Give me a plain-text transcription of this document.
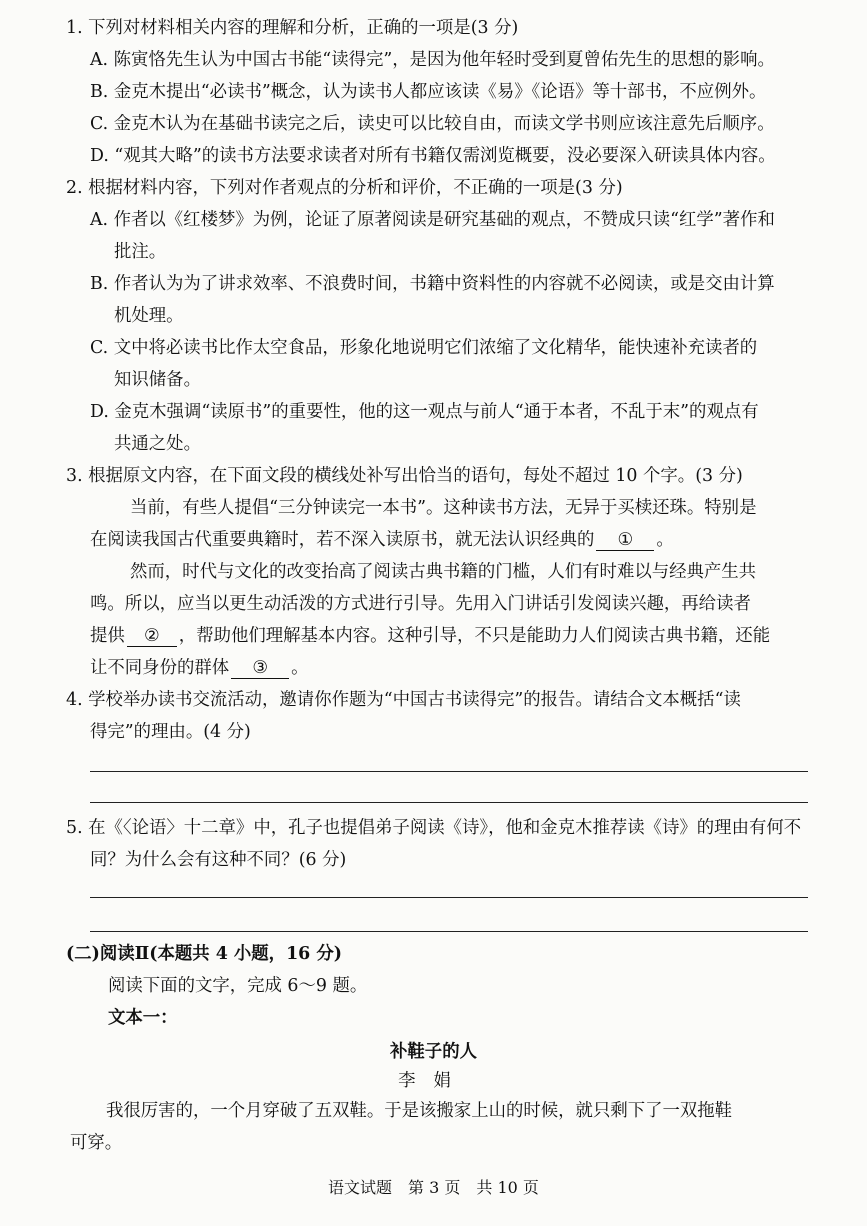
1. 下列对材料相关内容的理解和分析，正确的一项是(3 分)
A. 陈寅恪先生认为中国古书能“读得完”，是因为他年轻时受到夏曾佑先生的思想的影响。
B. 金克木提出“必读书”概念，认为读书人都应该读《易》《论语》等十部书，不应例外。
C. 金克木认为在基础书读完之后，读史可以比较自由，而读文学书则应该注意先后顺序。
D. “观其大略”的读书方法要求读者对所有书籍仅需浏览概要，没必要深入研读具体内容。
2. 根据材料内容，下列对作者观点的分析和评价，不正确的一项是(3 分)
A. 作者以《红楼梦》为例，论证了原著阅读是研究基础的观点，不赞成只读“红学”著作和
批注。
B. 作者认为为了讲求效率、不浪费时间，书籍中资料性的内容就不必阅读，或是交由计算
机处理。
C. 文中将必读书比作太空食品，形象化地说明它们浓缩了文化精华，能快速补充读者的
知识储备。
D. 金克木强调“读原书”的重要性，他的这一观点与前人“通于本者，不乱于末”的观点有
共通之处。
3. 根据原文内容，在下面文段的横线处补写出恰当的语句，每处不超过 10 个字。(3 分)
当前，有些人提倡“三分钟读完一本书”。这种读书方法，无异于买椟还珠。特别是
在阅读我国古代重要典籍时，若不深入读原书，就无法认识经典的 ① 。
然而，时代与文化的改变抬高了阅读古典书籍的门槛，人们有时难以与经典产生共
鸣。所以，应当以更生动活泼的方式进行引导。先用入门讲话引发阅读兴趣，再给读者
提供 ② ，帮助他们理解基本内容。这种引导，不只是能助力人们阅读古典书籍，还能
让不同身份的群体 ③ 。
4. 学校举办读书交流活动，邀请你作题为“中国古书读得完”的报告。请结合文本概括“读
得完”的理由。(4 分)
5. 在《〈论语〉十二章》中，孔子也提倡弟子阅读《诗》，他和金克木推荐读《诗》的理由有何不
同？为什么会有这种不同？(6 分)
(二)阅读Ⅱ(本题共 4 小题，16 分)
阅读下面的文字，完成 6～9 题。
文本一：
补鞋子的人
李娟
我很厉害的，一个月穿破了五双鞋。于是该搬家上山的时候，就只剩下了一双拖鞋
可穿。
语文试题　第 3 页　共 10 页
